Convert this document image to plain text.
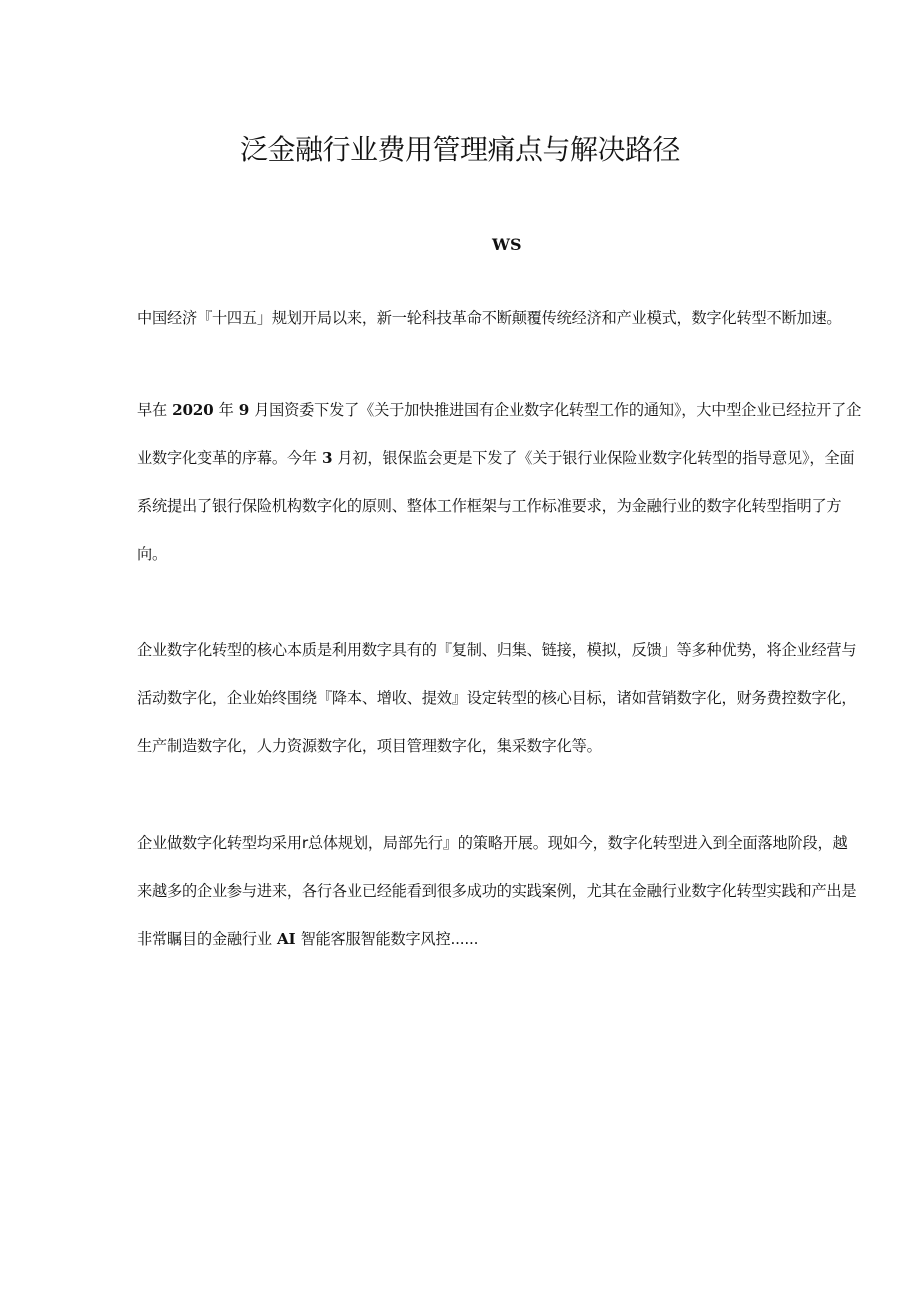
泛金融行业费用管理痛点与解决路径
WS

中国经济『十四五」规划开局以来，新一轮科技革命不断颠覆传统经济和产业模式，数字化转型不断加速。

早在 2020 年 9 月国资委下发了《关于加快推进国有企业数字化转型工作的通知》，大中型企业已经拉开了企
业数字化变革的序幕。今年 3 月初，银保监会更是下发了《关于银行业保险业数字化转型的指导意见》，全面
系统提出了银行保险机构数字化的原则、整体工作框架与工作标准要求，为金融行业的数字化转型指明了方
向。

企业数字化转型的核心本质是利用数字具有的『复制、归集、链接，模拟，反馈」等多种优势，将企业经营与
活动数字化，企业始终围绕『降本、增收、提效』设定转型的核心目标，诸如营销数字化，财务费控数字化，
生产制造数字化，人力资源数字化，项目管理数字化，集采数字化等。

企业做数字化转型均采用r总体规划，局部先行』的策略开展。现如今，数字化转型进入到全面落地阶段，越
来越多的企业参与进来，各行各业已经能看到很多成功的实践案例，尤其在金融行业数字化转型实践和产出是
非常瞩目的金融行业 AI 智能客服智能数字风控......
